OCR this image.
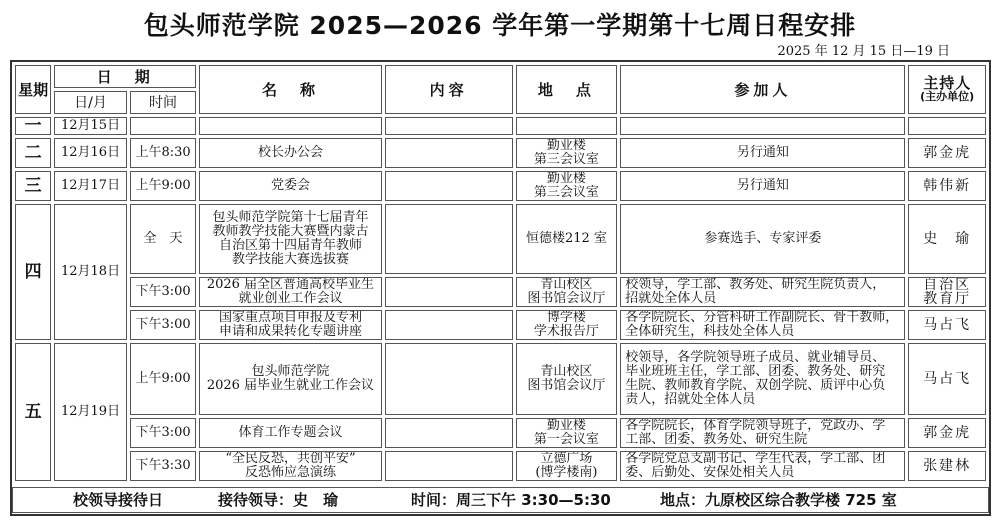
包头师范学院 2025—2026 学年第一学期第十七周日程安排
2025 年 12 月 15 日—19 日
星期	日　期		名　称	内容	地　点	参加人	主持人
(主办单位)

	日/月	时间					
一	12月15日						
二	12月16日	上午8:30	校长办公会		勤业楼
第三会议室	另行通知	郭金虎
三	12月17日	上午9:00	党委会		勤业楼
第三会议室	另行通知	韩伟新
四	12月18日	全　天	包头师范学院第十七届青年
教师教学技能大赛暨内蒙古
自治区第十四届青年教师
教学技能大赛选拔赛		恒德楼212 室	参赛选手、专家评委	史　瑜
		下午3:00	2026 届全区普通高校毕业生
就业创业工作会议		青山校区
图书馆会议厅	校领导，学工部、教务处、研究生院负责人，
招就处全体人员	自治区
教育厅
		下午3:00	国家重点项目申报及专利
申请和成果转化专题讲座		博学楼
学术报告厅	各学院院长、分管科研工作副院长、骨干教师，
全体研究生，科技处全体人员	马占飞
五	12月19日	上午9:00	包头师范学院
2026 届毕业生就业工作会议		青山校区
图书馆会议厅	校领导，各学院领导班子成员、就业辅导员、
毕业班班主任，学工部、团委、教务处、研究
生院、教师教育学院、双创学院、质评中心负
责人，招就处全体人员	马占飞
		下午3:00	体育工作专题会议		勤业楼
第一会议室	各学院院长，体育学院领导班子，党政办、学
工部、团委、教务处、研究生院	郭金虎
		下午3:30	“全民反恐，共创平安”
反恐怖应急演练		立德广场
(博学楼南)	各学院党总支副书记、学生代表，学工部、团
委、后勤处、安保处相关人员	张建林
校领导接待日	接待领导：史　瑜	时间：周三下午 3:30—5:30	地点：九原校区综合教学楼 725 室
